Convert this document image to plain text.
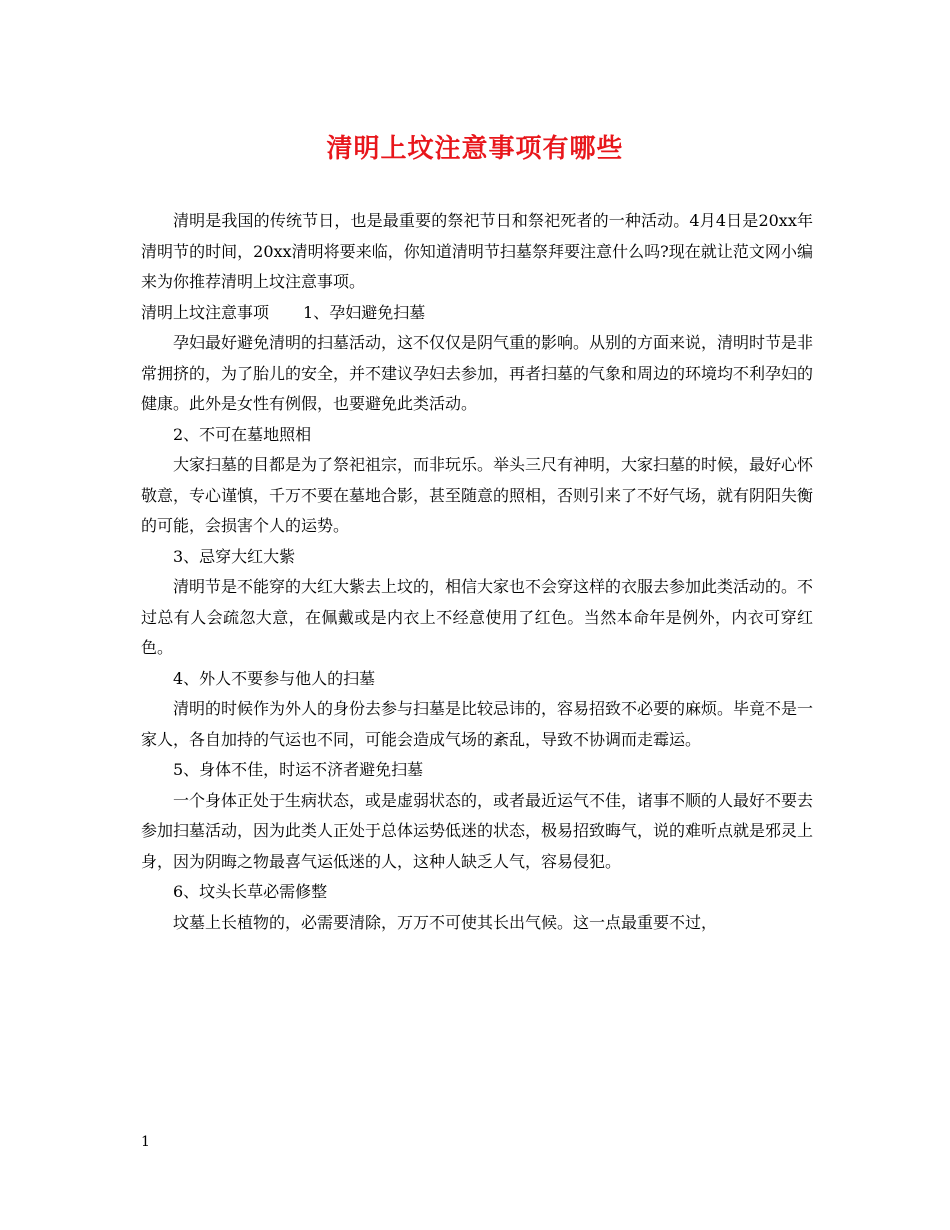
清明上坟注意事项有哪些

清明是我国的传统节日，也是最重要的祭祀节日和祭祀死者的一种活动。4月4日是20xx年清明节的时间，20xx清明将要来临，你知道清明节扫墓祭拜要注意什么吗?现在就让范文网小编来为你推荐清明上坟注意事项。

清明上坟注意事项 1、孕妇避免扫墓

孕妇最好避免清明的扫墓活动，这不仅仅是阴气重的影响。从别的方面来说，清明时节是非常拥挤的，为了胎儿的安全，并不建议孕妇去参加，再者扫墓的气象和周边的环境均不利孕妇的健康。此外是女性有例假，也要避免此类活动。

2、不可在墓地照相

大家扫墓的目都是为了祭祀祖宗，而非玩乐。举头三尺有神明，大家扫墓的时候，最好心怀敬意，专心谨慎，千万不要在墓地合影，甚至随意的照相，否则引来了不好气场，就有阴阳失衡的可能，会损害个人的运势。

3、忌穿大红大紫

清明节是不能穿的大红大紫去上坟的，相信大家也不会穿这样的衣服去参加此类活动的。不过总有人会疏忽大意，在佩戴或是内衣上不经意使用了红色。当然本命年是例外，内衣可穿红色。

4、外人不要参与他人的扫墓

清明的时候作为外人的身份去参与扫墓是比较忌讳的，容易招致不必要的麻烦。毕竟不是一家人，各自加持的气运也不同，可能会造成气场的紊乱，导致不协调而走霉运。

5、身体不佳，时运不济者避免扫墓

一个身体正处于生病状态，或是虚弱状态的，或者最近运气不佳，诸事不顺的人最好不要去参加扫墓活动，因为此类人正处于总体运势低迷的状态，极易招致晦气，说的难听点就是邪灵上身，因为阴晦之物最喜气运低迷的人，这种人缺乏人气，容易侵犯。

6、坟头长草必需修整

坟墓上长植物的，必需要清除，万万不可使其长出气候。这一点最重要不过，

1
